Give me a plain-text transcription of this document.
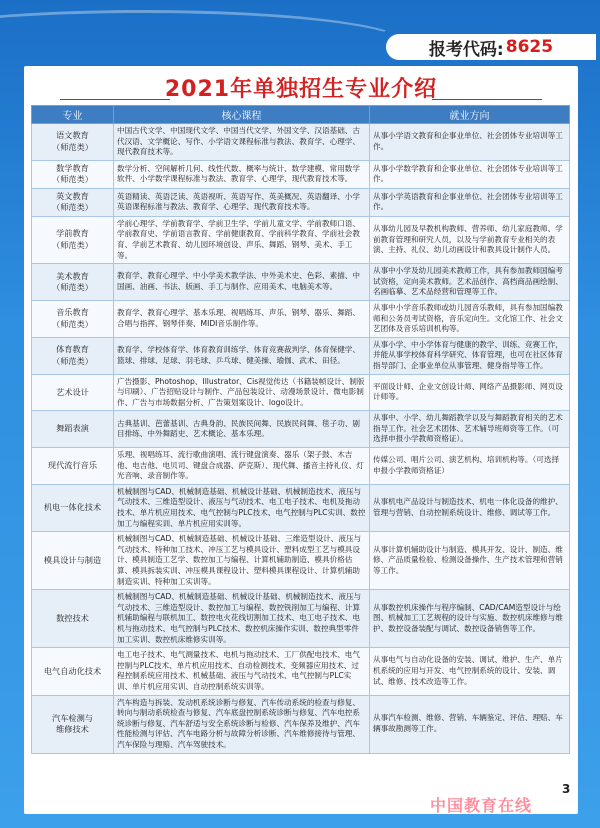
报考代码: 8625
2021年单独招生专业介绍
专业	核心课程	就业方向
语文教育
（师范类）	中国古代文学、中国现代文学、中国当代文学、外国文学、汉语基础、古代汉语、文学概论、写作、小学语文课程标准与教法、教育学、心理学、现代教育技术等。	从事小学语文教育和企事业单位、社会团体专业培训等工作。
数学教育
（师范类）	数学分析、空间解析几何、线性代数、概率与统计、数学建模、常用数学软件、小学数学课程标准与教法、教育学、心理学、现代教育技术等。	从事小学数学教育和企事业单位、社会团体专业培训等工作。
英文教育
（师范类）	英语精读、英语泛读、英语视听、英语写作、英美概况、英语翻译、小学英语课程标准与教法、教育学、心理学、现代教育技术等。	从事小学英语教育和企事业单位、社会团体专业培训等工作。
学前教育
（师范类）	学前心理学、学前教育学、学前卫生学、学前儿童文学、学前教师口语、学前教育史、学前语言教育、学前健康教育、学前科学教育、学前社会教育、学前艺术教育、幼儿园环境创设、声乐、舞蹈、钢琴、美术、手工等。	从事幼儿园及早教机构教师、营养师、幼儿家庭教师、学前教育管理和研究人员，以及与学前教育专业相关的表演、主持、礼仪、幼儿动画设计和教具设计制作人员。
美术教育
（师范类）	教育学、教育心理学、中小学美术教学法、中外美术史、色彩、素描、中国画、油画、书法、版画、手工与制作、应用美术、电脑美术等。	从事中小学及幼儿园美术教师工作，具有参加教师国编考试资格，定向美术教师。艺术品创作、高档商品画绘制、名画临摹、艺术品经营和管理等工作。
音乐教育
（师范类）	教育学、教育心理学、基本乐理、视唱练耳、声乐、钢琴、器乐、舞蹈、合唱与指挥、钢琴伴奏、MIDI音乐制作等。	从事中小学音乐教师或幼儿园音乐教师，具有参加国编教师和公务员考试资格，音乐定向生。文化馆工作、社会文艺团体及音乐培训机构等。
体育教育
（师范类）	教育学、学校体育学、体育教育训练学、体育竞赛裁判学、体育保健学、篮球、排球、足球、羽毛球、乒乓球、健美操、瑜伽、武术、田径。	从事小学、中小学体育与健康的教学、训练、竞赛工作，并能从事学校体育科学研究、体育管理，也可在社区体育指导部门、企事业单位从事管理、健身指导等工作。
艺术设计	广告摄影、Photoshop、Illustrator、Cis视觉传达（书籍装帧设计、制版与印刷）、广告招贴设计与制作、产品包装设计、动漫场景设计、微电影制作、广告与市场数据分析、广告策划案设计、logo设计。	平面设计师、企业文创设计师、网络产品摄影师、网页设计师等。
舞蹈表演	古典基训、芭蕾基训、古典身韵、民族民间舞、民族民间舞、毯子功、剧目排练、中外舞蹈史、艺术概论、基本乐理。	从事中、小学、幼儿舞蹈教学以及与舞蹈教育相关的艺术指导工作。社会艺术团体、艺术辅导班师资等工作。（可选择申报小学教师资格证）。
现代流行音乐	乐理、视唱练耳、流行歌曲演唱、流行键盘演奏、器乐（架子鼓、木吉他、电吉他、电贝司、键盘合成器、萨克斯）、现代舞、播音主持礼仪、灯光音响、录音制作等。	传媒公司、唱片公司、演艺机构、培训机构等。（可选择申报小学教师资格证）
机电一体化技术	机械制图与CAD、机械制造基础、机械设计基础、机械制造技术、液压与气动技术、三维造型设计、液压与气动技术、电工电子技术、电机及拖动技术、单片机应用技术、电气控制与PLC技术、电气控制与PLC实训、数控加工与编程实训、单片机应用实训等。	从事机电产品设计与制造技术、机电一体化设备的维护、管理与营销、自动控制系统设计、维修、调试等工作。
模具设计与制造	机械制图与CAD、机械制造基础、机械设计基础、三维造型设计、液压与气动技术、特种加工技术、冲压工艺与模具设计、塑料成型工艺与模具设计、模具制造工艺学、数控加工与编程、计算机辅助制造、模具价格估算、模具拆装实训、冲压模具课程设计、塑料模具课程设计、计算机辅助制造实训、特种加工实训等。	从事计算机辅助设计与制造、模具开发、设计、制造、维修、产品质量检验、检测设备操作、生产技术管理和营销等工作。
数控技术	机械制图与CAD、机械制造基础、机械设计基础、机械制造技术、液压与气动技术、三维造型设计、数控加工与编程、数控铣削加工与编程、计算机辅助编程与联机加工、数控电火花线切割加工技术、电工电子技术、电机与拖动技术、电气控制与PLC技术、数控机床操作实训、数控典型零件加工实训、数控机床维修实训等。	从事数控机床操作与程序编制、CAD/CAM造型设计与绘图、机械加工工艺规程的设计与实施、数控机床维修与维护、数控设备装配与调试、数控设备销售等工作。
电气自动化技术	电工电子技术、电气测量技术、电机与拖动技术、工厂供配电技术、电气控制与PLC技术、单片机应用技术、自动检测技术、变频器应用技术、过程控制系统应用技术、机械基础、液压与气动技术、电气控制与PLC实训、单片机应用实训、自动控制系统实训等。	从事电气与自动化设备的安装、调试、维护、生产、单片机系统的应用与开发、电气控制系统的设计、安装、调试、维修、技术改造等工作。
汽车检测与
维修技术	汽车构造与拆装、发动机系统诊断与修复、汽车传动系统的检查与修复、转向与制动系统检查与修复、汽车底盘控制系统诊断与修复、汽车电控系统诊断与修复、汽车舒适与安全系统诊断与检修、汽车保养及维护、汽车性能检测与评估、汽车电路分析与故障分析诊断、汽车维修接待与管理、汽车保险与理赔、汽车驾驶技术。	从事汽车检测、维修、营销、车辆鉴定、评估、理赔、车辆事故勘测等工作。
3
中国教育在线
